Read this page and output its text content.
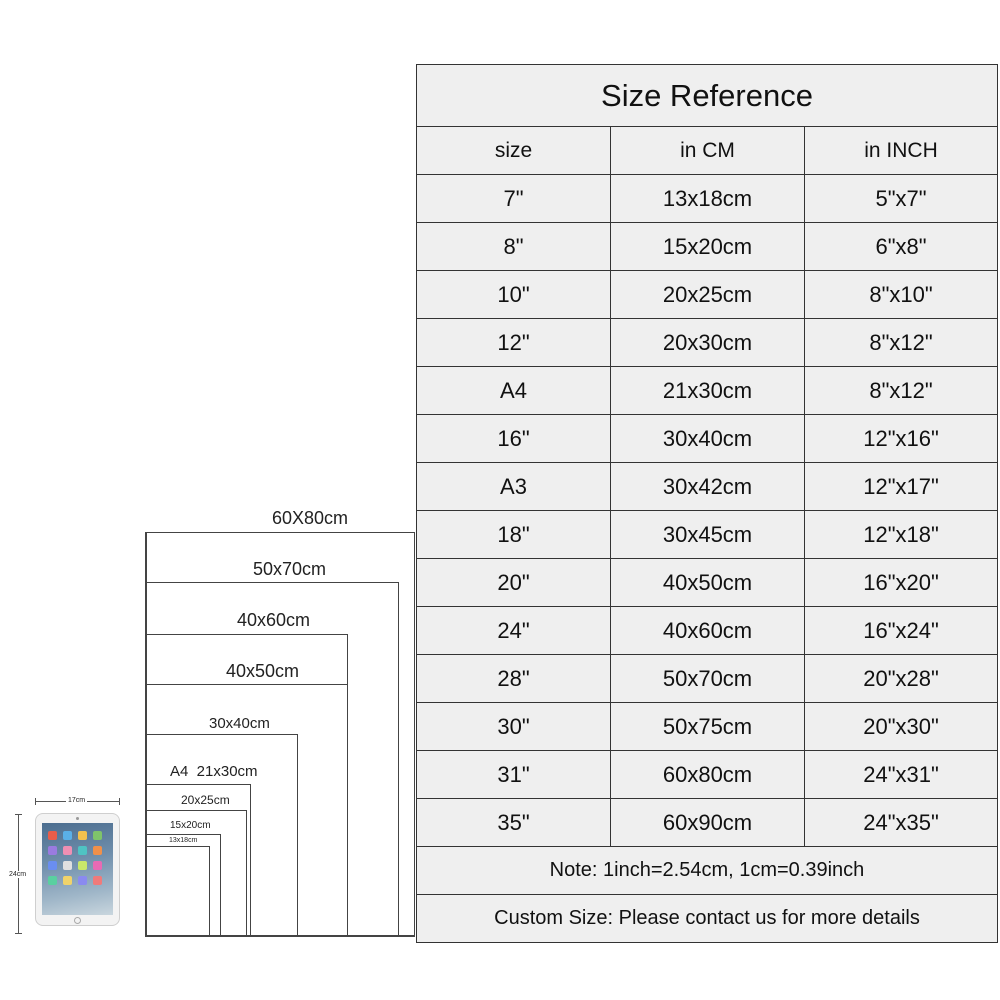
Size Reference		
size	in CM	in INCH
7"	13x18cm	5"x7"
8"	15x20cm	6"x8"
10"	20x25cm	8"x10"
12"	20x30cm	8"x12"
A4	21x30cm	8"x12"
16"	30x40cm	12"x16"
A3	30x42cm	12"x17"
18"	30x45cm	12"x18"
20"	40x50cm	16"x20"
24"	40x60cm	16"x24"
28"	50x70cm	20"x28"
30"	50x75cm	20"x30"
31"	60x80cm	24"x31"
35"	60x90cm	24"x35"
Note: 1inch=2.54cm, 1cm=0.39inch		
Custom Size: Please contact us for more details		
60X80cm
50x70cm
40x60cm
40x50cm
30x40cm
A4  21x30cm
20x25cm
15x20cm
13x18cm
17cm
24cm
